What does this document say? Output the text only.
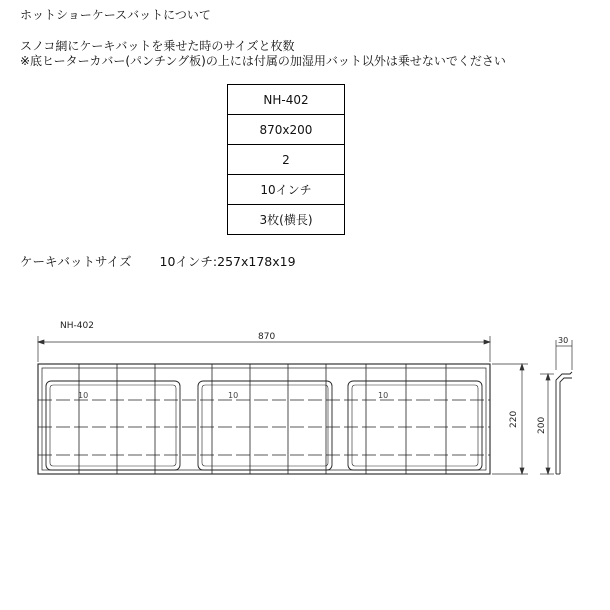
ホットショーケースバットについて
スノコ網にケーキバットを乗せた時のサイズと枚数
※底ヒーターカバー(パンチング板)の上には付属の加湿用バット以外は乗せないでください
NH-402
870x200
2
10インチ
3枚(横長)
ケーキバットサイズ 10インチ:257x178x19
NH-402
870
10	10	10
220
30
200
